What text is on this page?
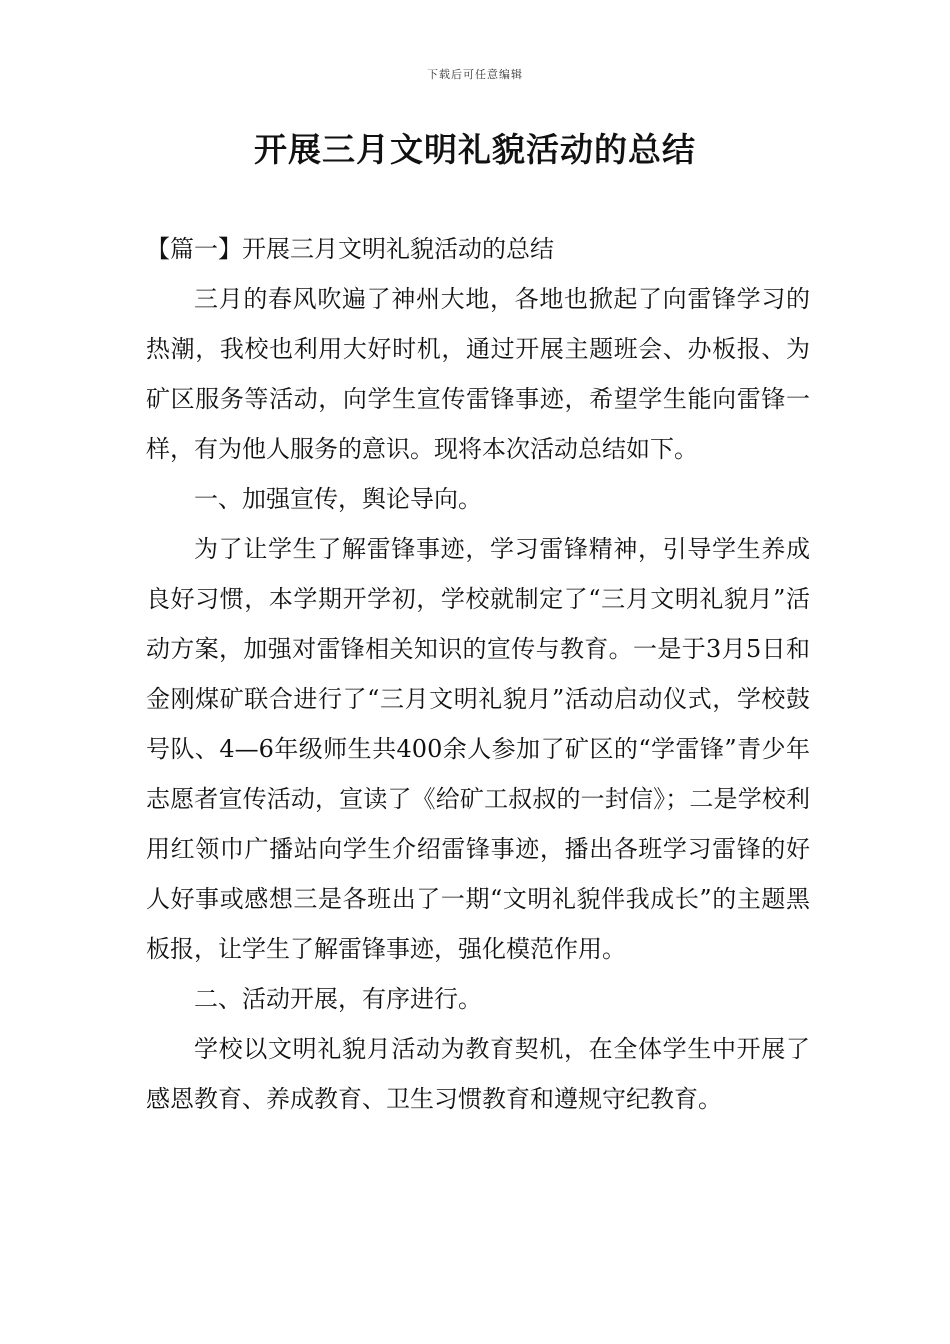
下载后可任意编辑
开展三月文明礼貌活动的总结

【篇一】开展三月文明礼貌活动的总结

三月的春风吹遍了神州大地，各地也掀起了向雷锋学习的热潮，我校也利用大好时机，通过开展主题班会、办板报、为矿区服务等活动，向学生宣传雷锋事迹，希望学生能向雷锋一样，有为他人服务的意识。现将本次活动总结如下。

一、加强宣传，舆论导向。

为了让学生了解雷锋事迹，学习雷锋精神，引导学生养成良好习惯，本学期开学初，学校就制定了“三月文明礼貌月”活动方案，加强对雷锋相关知识的宣传与教育。一是于3月5日和金刚煤矿联合进行了“三月文明礼貌月”活动启动仪式，学校鼓号队、4—6年级师生共400余人参加了矿区的“学雷锋”青少年志愿者宣传活动，宣读了《给矿工叔叔的一封信》；二是学校利用红领巾广播站向学生介绍雷锋事迹，播出各班学习雷锋的好人好事或感想三是各班出了一期“文明礼貌伴我成长”的主题黑板报，让学生了解雷锋事迹，强化模范作用。

二、活动开展，有序进行。

学校以文明礼貌月活动为教育契机，在全体学生中开展了感恩教育、养成教育、卫生习惯教育和遵规守纪教育。
